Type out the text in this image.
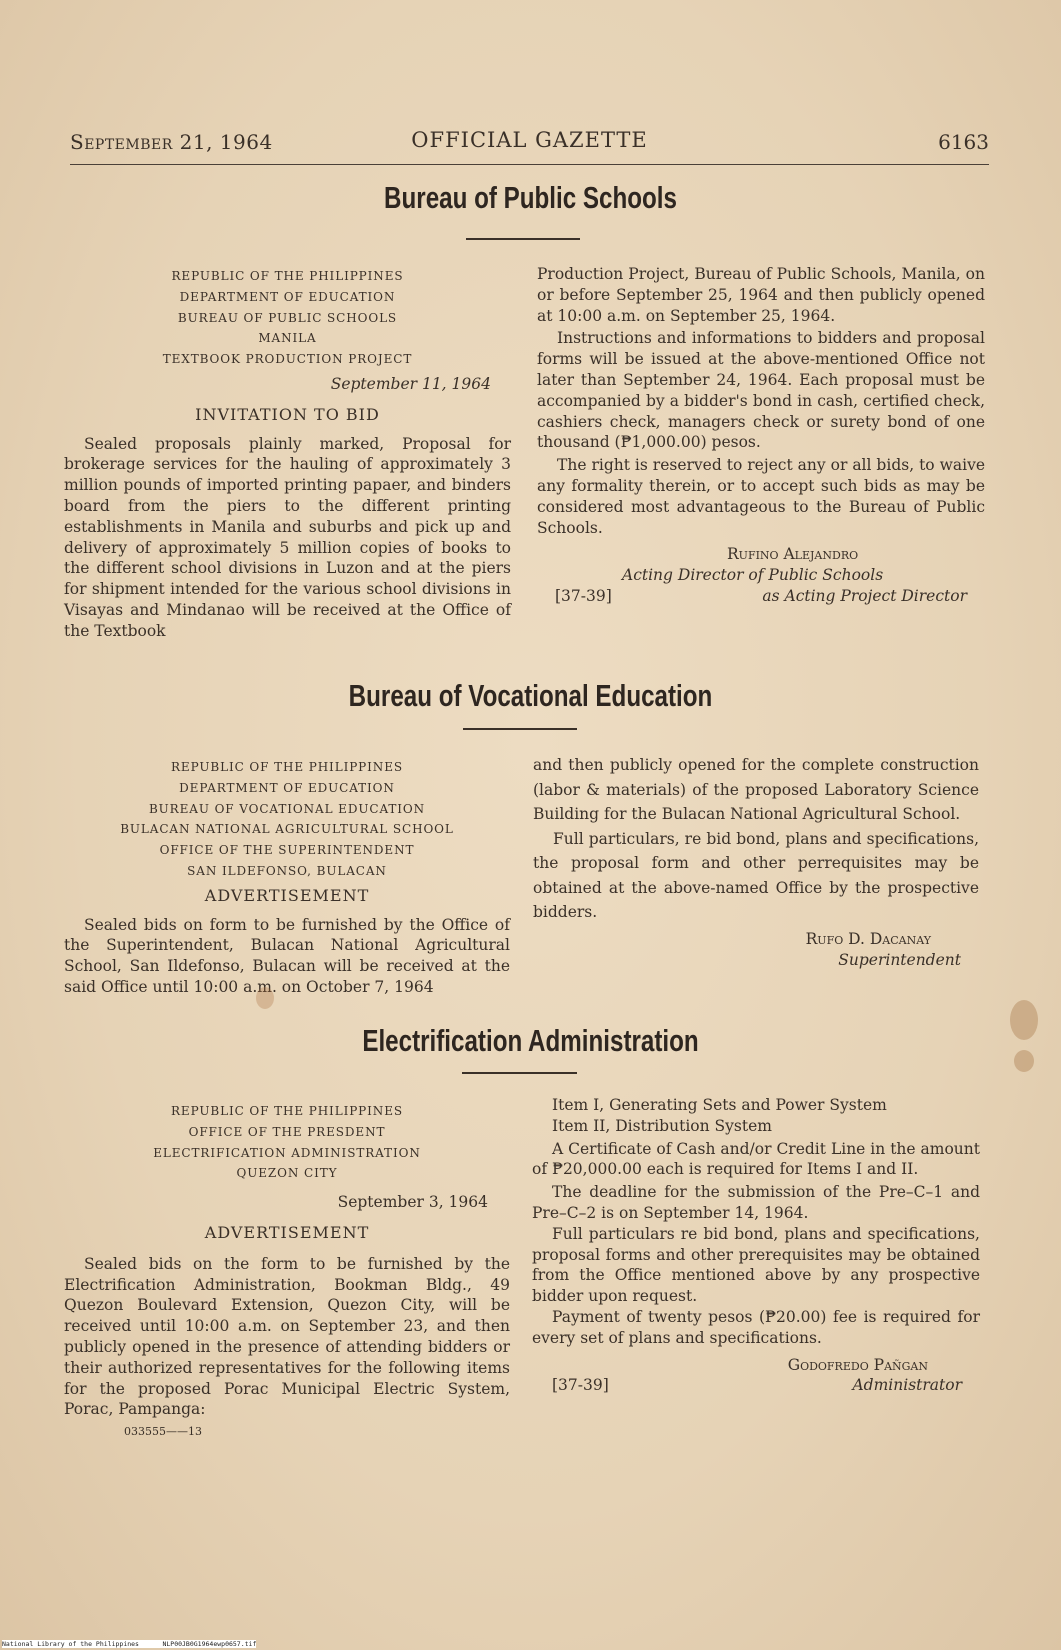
September 21, 1964	OFFICIAL GAZETTE	6163
Bureau of Public Schools
REPUBLIC OF THE PHILIPPINES
DEPARTMENT OF EDUCATION
BUREAU OF PUBLIC SCHOOLS
MANILA
TEXTBOOK PRODUCTION PROJECT
September 11, 1964
INVITATION TO BID

Sealed proposals plainly marked, Proposal for brokerage services for the hauling of approximately 3 million pounds of imported printing papaer, and binders board from the piers to the different printing establishments in Manila and suburbs and pick up and delivery of approximately 5 million copies of books to the different school divisions in Luzon and at the piers for shipment intended for the various school divisions in Visayas and Mindanao will be received at the Office of the Textbook

Production Project, Bureau of Public Schools, Manila, on or before September 25, 1964 and then publicly opened at 10:00 a.m. on September 25, 1964.

Instructions and informations to bidders and proposal forms will be issued at the above-mentioned Office not later than September 24, 1964. Each proposal must be accompanied by a bidder's bond in cash, certified check, cashiers check, managers check or surety bond of one thousand (₱1,000.00) pesos.

The right is reserved to reject any or all bids, to waive any formality therein, or to accept such bids as may be considered most advantageous to the Bureau of Public Schools.

Rufino Alejandro
Acting Director of Public Schools
[37-39]	as Acting Project Director
Bureau of Vocational Education
REPUBLIC OF THE PHILIPPINES
DEPARTMENT OF EDUCATION
BUREAU OF VOCATIONAL EDUCATION
BULACAN NATIONAL AGRICULTURAL SCHOOL
OFFICE OF THE SUPERINTENDENT
SAN ILDEFONSO, BULACAN
ADVERTISEMENT

Sealed bids on form to be furnished by the Office of the Superintendent, Bulacan National Agricultural School, San Ildefonso, Bulacan will be received at the said Office until 10:00 a.m. on October 7, 1964

and then publicly opened for the complete construction (labor & materials) of the proposed Laboratory Science Building for the Bulacan National Agricultural School.

Full particulars, re bid bond, plans and specifications, the proposal form and other perrequisites may be obtained at the above-named Office by the prospective bidders.

Rufo D. Dacanay
Superintendent
Electrification Administration
REPUBLIC OF THE PHILIPPINES
OFFICE OF THE PRESDENT
ELECTRIFICATION ADMINISTRATION
QUEZON CITY
September 3, 1964
ADVERTISEMENT

Sealed bids on the form to be furnished by the Electrification Administration, Bookman Bldg., 49 Quezon Boulevard Extension, Quezon City, will be received until 10:00 a.m. on September 23, and then publicly opened in the presence of attending bidders or their authorized representatives for the following items for the proposed Porac Municipal Electric System, Porac, Pampanga:

033555——13
Item I, Generating Sets and Power System
Item II, Distribution System

A Certificate of Cash and/or Credit Line in the amount of ₱20,000.00 each is required for Items I and II.

The deadline for the submission of the Pre–C–1 and Pre–C–2 is on September 14, 1964.

Full particulars re bid bond, plans and specifications, proposal forms and other prerequisites may be obtained from the Office mentioned above by any prospective bidder upon request.

Payment of twenty pesos (₱20.00) fee is required for every set of plans and specifications.

Godofredo Pañgan
[37-39]	Administrator
National Library of the Philippines	NLP00JB0G1964ewp0657.tif
